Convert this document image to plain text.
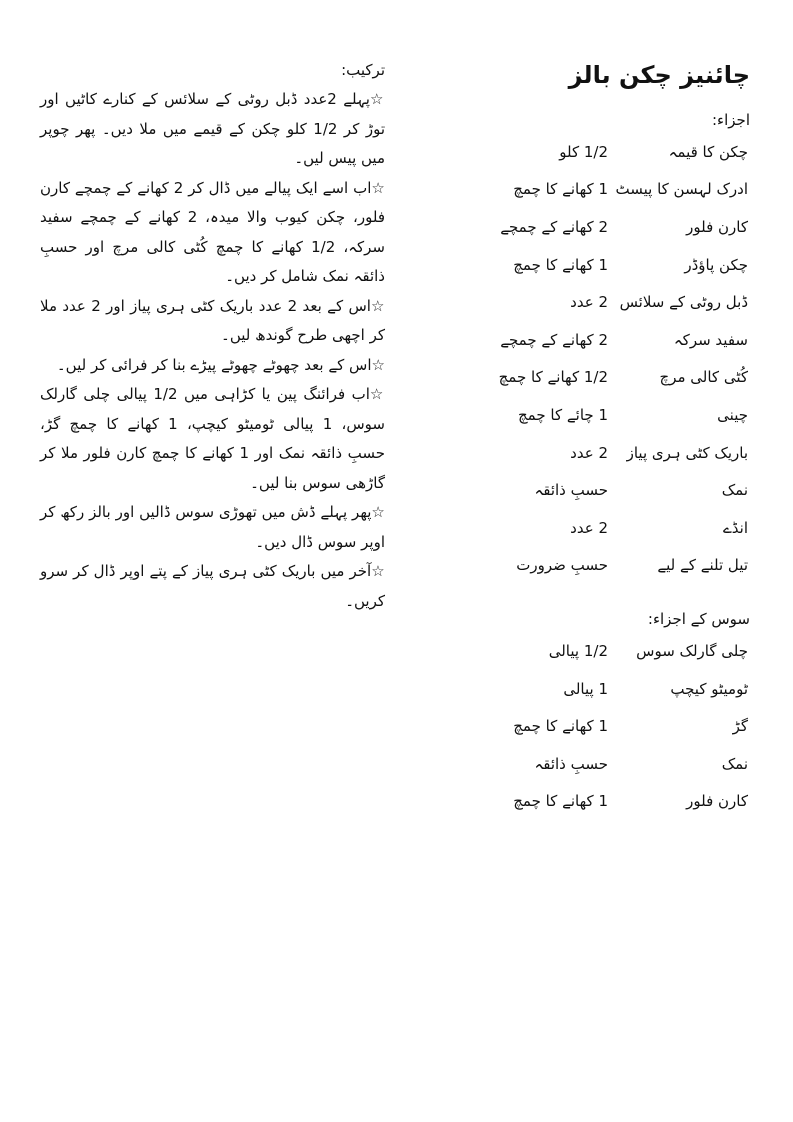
چائنیز چکن بالز
اجزاء:
چکن کا قیمہ
1/2 کلو
ادرک لہسن کا پیسٹ
1 کھانے کا چمچ
کارن فلور
2 کھانے کے چمچے
چکن پاؤڈر
1 کھانے کا چمچ
ڈبل روٹی کے سلائس
2 عدد
سفید سرکہ
2 کھانے کے چمچے
کُٹی کالی مرچ
1/2 کھانے کا چمچ
چینی
1 چائے کا چمچ
باریک کٹی ہری پیاز
2 عدد
نمک
حسبِ ذائقہ
انڈے
2 عدد
تیل تلنے کے لیے
حسبِ ضرورت
سوس کے اجزاء:
چلی گارلک سوس
1/2 پیالی
ٹوميٹو کیچپ
1 پیالی
گڑ
1 کھانے کا چمچ
نمک
حسبِ ذائقہ
کارن فلور
1 کھانے کا چمچ
ترکیب:

☆پہلے 2عدد ڈبل روٹی کے سلائس کے کنارے کاٹیں اور توڑ کر 1/2 کلو چکن کے قیمے میں ملا دیں۔ پھر چوپر میں پیس لیں۔

☆اب اسے ایک پیالے میں ڈال کر 2 کھانے کے چمچے کارن فلور، چکن کیوب والا میدہ، 2 کھانے کے چمچے سفید سرکہ، 1/2 کھانے کا چمچ کُٹی کالی مرچ اور حسبِ ذائقہ نمک شامل کر دیں۔

☆اس کے بعد 2 عدد باریک کٹی ہری پیاز اور 2 عدد ملا کر اچھی طرح گوندھ لیں۔

☆اس کے بعد چھوٹے چھوٹے پیڑے بنا کر فرائی کر لیں۔

☆اب فرائنگ پین یا کڑاہی میں 1/2 پیالی چلی گارلک سوس، 1 پیالی ٹوميٹو کیچپ، 1 کھانے کا چمچ گڑ، حسبِ ذائقہ نمک اور 1 کھانے کا چمچ کارن فلور ملا کر گاڑھی سوس بنا لیں۔

☆پھر پہلے ڈش میں تھوڑی سوس ڈالیں اور بالز رکھ کر اوپر سوس ڈال دیں۔

☆آخر میں باریک کٹی ہری پیاز کے پتے اوپر ڈال کر سرو کریں۔
